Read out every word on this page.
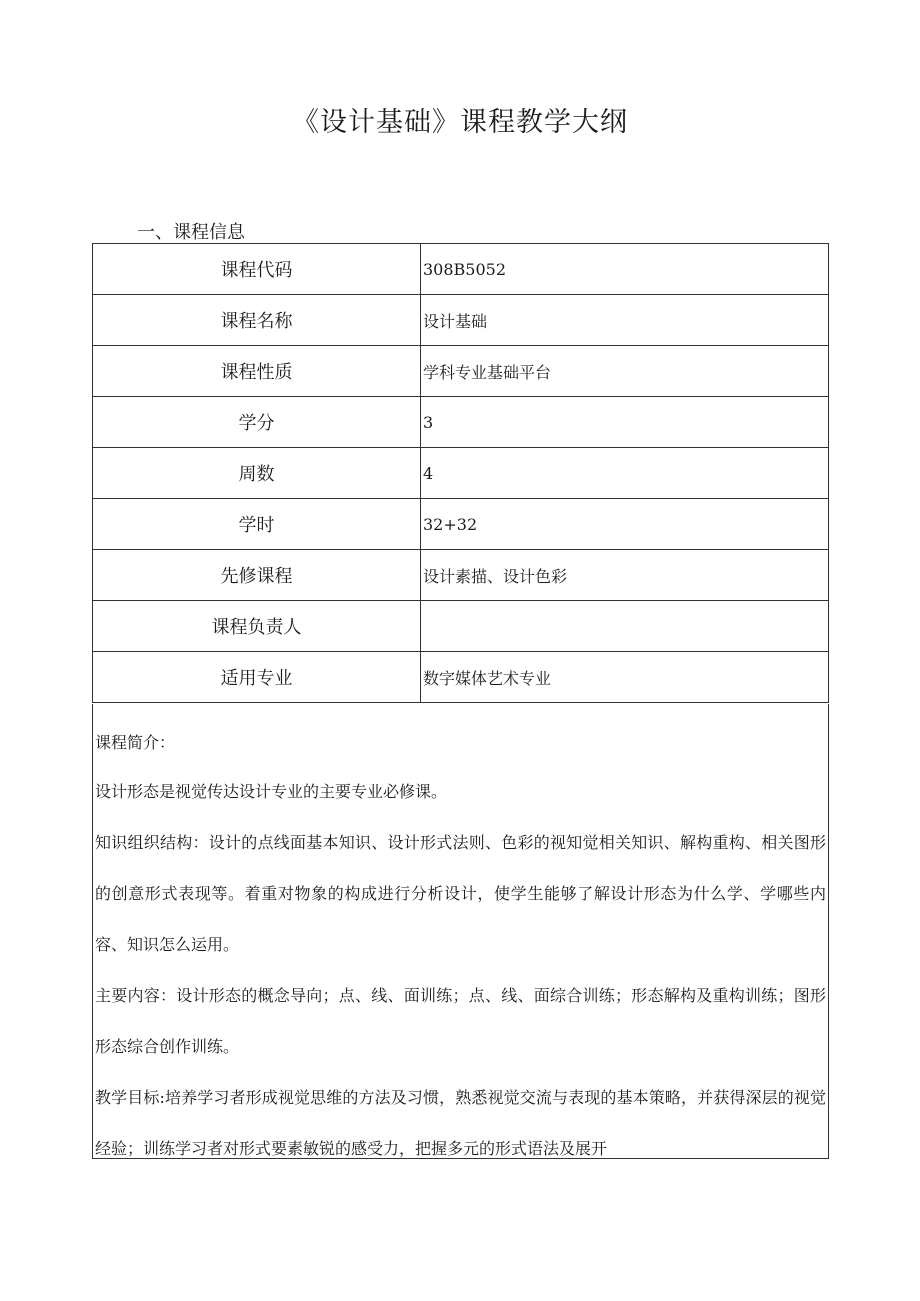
《设计基础》课程教学大纲
一、课程信息
课程代码	308B5052
课程名称	设计基础
课程性质	学科专业基础平台
学分	3
周数	4
学时	32+32
先修课程	设计素描、设计色彩
课程负责人	
适用专业	数字媒体艺术专业

课程简介：

设计形态是视觉传达设计专业的主要专业必修课。

知识组织结构：设计的点线面基本知识、设计形式法则、色彩的视知觉相关知识、解构重构、相关图形的创意形式表现等。着重对物象的构成进行分析设计，使学生能够了解设计形态为什么学、学哪些内容、知识怎么运用。

主要内容：设计形态的概念导向；点、线、面训练；点、线、面综合训练；形态解构及重构训练；图形形态综合创作训练。

教学目标:培养学习者形成视觉思维的方法及习惯，熟悉视觉交流与表现的基本策略，并获得深层的视觉经验；训练学习者对形式要素敏锐的感受力，把握多元的形式语法及展开
